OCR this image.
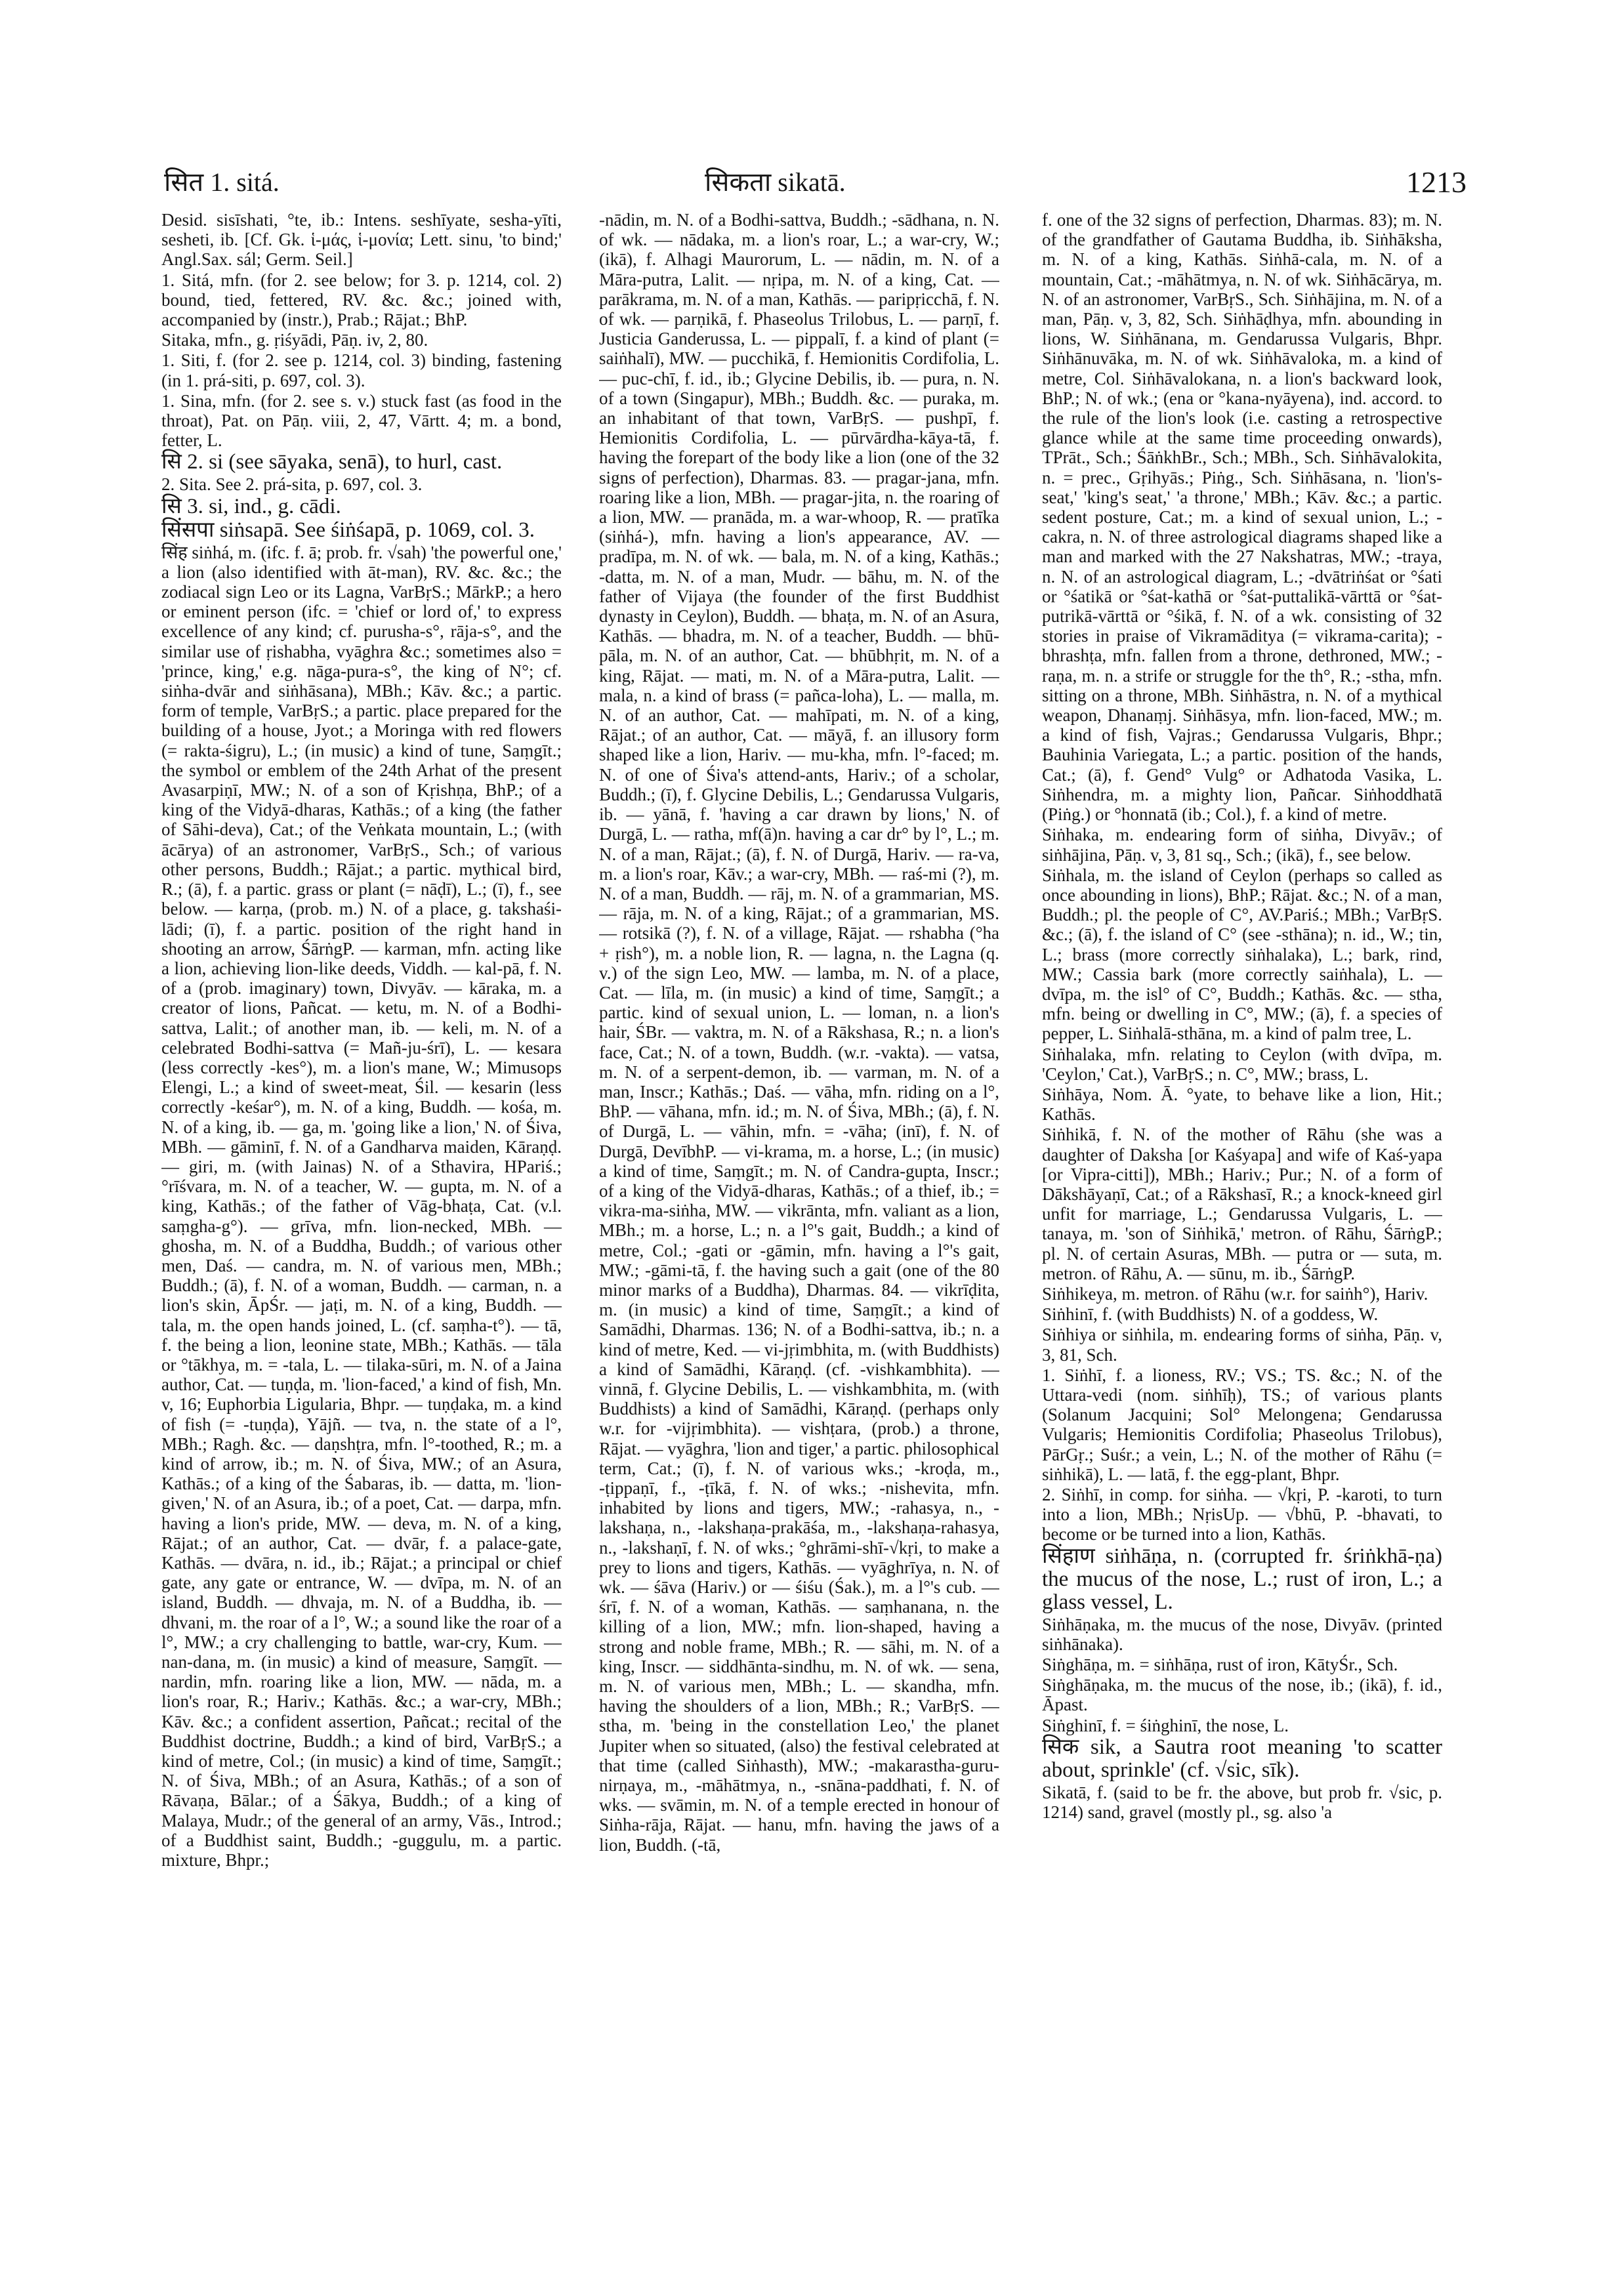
सित 1. sitá.	सिकता sikatā.	1213

Desid. sisīshati, °te, ib.: Intens. seshīyate, sesha-yīti, sesheti, ib. [Cf. Gk. ἱ-μάς, ἱ-μονία; Lett. sinu, 'to bind;' Angl.Sax. sál; Germ. Seil.]

1. Sitá, mfn. (for 2. see below; for 3. p. 1214, col. 2) bound, tied, fettered, RV. &c. &c.; joined with, accompanied by (instr.), Prab.; Rājat.; BhP.

Sitaka, mfn., g. ṛiśyādi, Pāṇ. iv, 2, 80.

1. Siti, f. (for 2. see p. 1214, col. 3) binding, fastening (in 1. prá-siti, p. 697, col. 3).

1. Sina, mfn. (for 2. see s. v.) stuck fast (as food in the throat), Pat. on Pāṇ. viii, 2, 47, Vārtt. 4; m. a bond, fetter, L.

सि 2. si (see sāyaka, senā), to hurl, cast.

2. Sita. See 2. prá-sita, p. 697, col. 3.

सि 3. si, ind., g. cādi.

सिंसपा siṅsapā. See śiṅśapā, p. 1069, col. 3.

सिंह siṅhá, m. (ifc. f. ā; prob. fr. √sah) 'the powerful one,' a lion (also identified with āt-man), RV. &c. &c.; the zodiacal sign Leo or its Lagna, VarBṛS.; MārkP.; a hero or eminent person (ifc. = 'chief or lord of,' to express excellence of any kind; cf. purusha-s°, rāja-s°, and the similar use of ṛishabha, vyāghra &c.; sometimes also = 'prince, king,' e.g. nāga-pura-s°, the king of N°; cf. siṅha-dvār and siṅhāsana), MBh.; Kāv. &c.; a partic. form of temple, VarBṛS.; a partic. place prepared for the building of a house, Jyot.; a Moringa with red flowers (= rakta-śigru), L.; (in music) a kind of tune, Saṃgīt.; the symbol or emblem of the 24th Arhat of the present Avasarpiṇī, MW.; N. of a son of Kṛishṇa, BhP.; of a king of the Vidyā-dharas, Kathās.; of a king (the father of Sāhi-deva), Cat.; of the Veṅkata mountain, L.; (with ācārya) of an astronomer, VarBṛS., Sch.; of various other persons, Buddh.; Rājat.; a partic. mythical bird, R.; (ā), f. a partic. grass or plant (= nāḍī), L.; (ī), f., see below. — karṇa, (prob. m.) N. of a place, g. takshaśi-lādi; (ī), f. a partic. position of the right hand in shooting an arrow, ŚārṅgP. — karman, mfn. acting like a lion, achieving lion-like deeds, Viddh. — kal-pā, f. N. of a (prob. imaginary) town, Divyāv. — kāraka, m. a creator of lions, Pañcat. — ketu, m. N. of a Bodhi-sattva, Lalit.; of another man, ib. — keli, m. N. of a celebrated Bodhi-sattva (= Mañ-ju-śrī), L. — kesara (less correctly -kes°), m. a lion's mane, W.; Mimusops Elengi, L.; a kind of sweet-meat, Śil. — kesarin (less correctly -keśar°), m. N. of a king, Buddh. — kośa, m. N. of a king, ib. — ga, m. 'going like a lion,' N. of Śiva, MBh. — gāminī, f. N. of a Gandharva maiden, Kāraṇḍ. — giri, m. (with Jainas) N. of a Sthavira, HPariś.; °rīśvara, m. N. of a teacher, W. — gupta, m. N. of a king, Kathās.; of the father of Vāg-bhaṭa, Cat. (v.l. saṃgha-g°). — grīva, mfn. lion-necked, MBh. — ghosha, m. N. of a Buddha, Buddh.; of various other men, Daś. — candra, m. N. of various men, MBh.; Buddh.; (ā), f. N. of a woman, Buddh. — carman, n. a lion's skin, ĀpŚr. — jaṭi, m. N. of a king, Buddh. — tala, m. the open hands joined, L. (cf. saṃha-t°). — tā, f. the being a lion, leonine state, MBh.; Kathās. — tāla or °tākhya, m. = -tala, L. — tilaka-sūri, m. N. of a Jaina author, Cat. — tuṇḍa, m. 'lion-faced,' a kind of fish, Mn. v, 16; Euphorbia Ligularia, Bhpr. — tuṇḍaka, m. a kind of fish (= -tuṇḍa), Yājñ. — tva, n. the state of a l°, MBh.; Ragh. &c. — daṇshṭra, mfn. l°-toothed, R.; m. a kind of arrow, ib.; m. N. of Śiva, MW.; of an Asura, Kathās.; of a king of the Śabaras, ib. — datta, m. 'lion-given,' N. of an Asura, ib.; of a poet, Cat. — darpa, mfn. having a lion's pride, MW. — deva, m. N. of a king, Rājat.; of an author, Cat. — dvār, f. a palace-gate, Kathās. — dvāra, n. id., ib.; Rājat.; a principal or chief gate, any gate or entrance, W. — dvīpa, m. N. of an island, Buddh. — dhvaja, m. N. of a Buddha, ib. — dhvani, m. the roar of a l°, W.; a sound like the roar of a l°, MW.; a cry challenging to battle, war-cry, Kum. — nan-dana, m. (in music) a kind of measure, Saṃgīt. — nardin, mfn. roaring like a lion, MW. — nāda, m. a lion's roar, R.; Hariv.; Kathās. &c.; a war-cry, MBh.; Kāv. &c.; a confident assertion, Pañcat.; recital of the Buddhist doctrine, Buddh.; a kind of bird, VarBṛS.; a kind of metre, Col.; (in music) a kind of time, Saṃgīt.; N. of Śiva, MBh.; of an Asura, Kathās.; of a son of Rāvaṇa, Bālar.; of a Śākya, Buddh.; of a king of Malaya, Mudr.; of the general of an army, Vās., Introd.; of a Buddhist saint, Buddh.; -guggulu, m. a partic. mixture, Bhpr.;

-nādin, m. N. of a Bodhi-sattva, Buddh.; -sādhana, n. N. of wk. — nādaka, m. a lion's roar, L.; a war-cry, W.; (ikā), f. Alhagi Maurorum, L. — nādin, m. N. of a Māra-putra, Lalit. — nṛipa, m. N. of a king, Cat. — parākrama, m. N. of a man, Kathās. — paripṛicchā, f. N. of wk. — parṇikā, f. Phaseolus Trilobus, L. — parṇī, f. Justicia Ganderussa, L. — pippalī, f. a kind of plant (= saiṅhalī), MW. — pucchikā, f. Hemionitis Cordifolia, L. — puc-chī, f. id., ib.; Glycine Debilis, ib. — pura, n. N. of a town (Singapur), MBh.; Buddh. &c. — puraka, m. an inhabitant of that town, VarBṛS. — pushpī, f. Hemionitis Cordifolia, L. — pūrvārdha-kāya-tā, f. having the forepart of the body like a lion (one of the 32 signs of perfection), Dharmas. 83. — pragar-jana, mfn. roaring like a lion, MBh. — pragar-jita, n. the roaring of a lion, MW. — pranāda, m. a war-whoop, R. — pratīka (siṅhá-), mfn. having a lion's appearance, AV. — pradīpa, m. N. of wk. — bala, m. N. of a king, Kathās.; -datta, m. N. of a man, Mudr. — bāhu, m. N. of the father of Vijaya (the founder of the first Buddhist dynasty in Ceylon), Buddh. — bhaṭa, m. N. of an Asura, Kathās. — bhadra, m. N. of a teacher, Buddh. — bhū-pāla, m. N. of an author, Cat. — bhūbhṛit, m. N. of a king, Rājat. — mati, m. N. of a Māra-putra, Lalit. — mala, n. a kind of brass (= pañca-loha), L. — malla, m. N. of an author, Cat. — mahīpati, m. N. of a king, Rājat.; of an author, Cat. — māyā, f. an illusory form shaped like a lion, Hariv. — mu-kha, mfn. l°-faced; m. N. of one of Śiva's attend-ants, Hariv.; of a scholar, Buddh.; (ī), f. Glycine Debilis, L.; Gendarussa Vulgaris, ib. — yānā, f. 'having a car drawn by lions,' N. of Durgā, L. — ratha, mf(ā)n. having a car dr° by l°, L.; m. N. of a man, Rājat.; (ā), f. N. of Durgā, Hariv. — ra-va, m. a lion's roar, Kāv.; a war-cry, MBh. — raś-mi (?), m. N. of a man, Buddh. — rāj, m. N. of a grammarian, MS. — rāja, m. N. of a king, Rājat.; of a grammarian, MS. — rotsikā (?), f. N. of a village, Rājat. — rshabha (°ha + ṛish°), m. a noble lion, R. — lagna, n. the Lagna (q. v.) of the sign Leo, MW. — lamba, m. N. of a place, Cat. — līla, m. (in music) a kind of time, Saṃgīt.; a partic. kind of sexual union, L. — loman, n. a lion's hair, ŚBr. — vaktra, m. N. of a Rākshasa, R.; n. a lion's face, Cat.; N. of a town, Buddh. (w.r. -vakta). — vatsa, m. N. of a serpent-demon, ib. — varman, m. N. of a man, Inscr.; Kathās.; Daś. — vāha, mfn. riding on a l°, BhP. — vāhana, mfn. id.; m. N. of Śiva, MBh.; (ā), f. N. of Durgā, L. — vāhin, mfn. = -vāha; (inī), f. N. of Durgā, DevībhP. — vi-krama, m. a horse, L.; (in music) a kind of time, Saṃgīt.; m. N. of Candra-gupta, Inscr.; of a king of the Vidyā-dharas, Kathās.; of a thief, ib.; = vikra-ma-siṅha, MW. — vikrānta, mfn. valiant as a lion, MBh.; m. a horse, L.; n. a l°'s gait, Buddh.; a kind of metre, Col.; -gati or -gāmin, mfn. having a l°'s gait, MW.; -gāmi-tā, f. the having such a gait (one of the 80 minor marks of a Buddha), Dharmas. 84. — vikrīḍita, m. (in music) a kind of time, Saṃgīt.; a kind of Samādhi, Dharmas. 136; N. of a Bodhi-sattva, ib.; n. a kind of metre, Ked. — vi-jṛimbhita, m. (with Buddhists) a kind of Samādhi, Kāraṇḍ. (cf. -vishkambhita). — vinnā, f. Glycine Debilis, L. — vishkambhita, m. (with Buddhists) a kind of Samādhi, Kāraṇḍ. (perhaps only w.r. for -vijṛimbhita). — vishṭara, (prob.) a throne, Rājat. — vyāghra, 'lion and tiger,' a partic. philosophical term, Cat.; (ī), f. N. of various wks.; -kroḍa, m., -ṭippaṇī, f., -ṭīkā, f. N. of wks.; -nishevita, mfn. inhabited by lions and tigers, MW.; -rahasya, n., -lakshaṇa, n., -lakshaṇa-prakāśa, m., -lakshaṇa-rahasya, n., -lakshaṇī, f. N. of wks.; °ghrāmi-shī-√kṛi, to make a prey to lions and tigers, Kathās. — vyāghrīya, n. N. of wk. — śāva (Hariv.) or — śiśu (Śak.), m. a l°'s cub. — śrī, f. N. of a woman, Kathās. — saṃhanana, n. the killing of a lion, MW.; mfn. lion-shaped, having a strong and noble frame, MBh.; R. — sāhi, m. N. of a king, Inscr. — siddhānta-sindhu, m. N. of wk. — sena, m. N. of various men, MBh.; L. — skandha, mfn. having the shoulders of a lion, MBh.; R.; VarBṛS. — stha, m. 'being in the constellation Leo,' the planet Jupiter when so situated, (also) the festival celebrated at that time (called Siṅhasth), MW.; -makarastha-guru-nirṇaya, m., -māhātmya, n., -snāna-paddhati, f. N. of wks. — svāmin, m. N. of a temple erected in honour of Siṅha-rāja, Rājat. — hanu, mfn. having the jaws of a lion, Buddh. (-tā,

f. one of the 32 signs of perfection, Dharmas. 83); m. N. of the grandfather of Gautama Buddha, ib. Siṅhāksha, m. N. of a king, Kathās. Siṅhā-cala, m. N. of a mountain, Cat.; -māhātmya, n. N. of wk. Siṅhācārya, m. N. of an astronomer, VarBṛS., Sch. Siṅhājina, m. N. of a man, Pāṇ. v, 3, 82, Sch. Siṅhāḍhya, mfn. abounding in lions, W. Siṅhānana, m. Gendarussa Vulgaris, Bhpr. Siṅhānuvāka, m. N. of wk. Siṅhāvaloka, m. a kind of metre, Col. Siṅhāvalokana, n. a lion's backward look, BhP.; N. of wk.; (ena or °kana-nyāyena), ind. accord. to the rule of the lion's look (i.e. casting a retrospective glance while at the same time proceeding onwards), TPrāt., Sch.; ŚāṅkhBr., Sch.; MBh., Sch. Siṅhāvalokita, n. = prec., Gṛihyās.; Piṅg., Sch. Siṅhāsana, n. 'lion's-seat,' 'king's seat,' 'a throne,' MBh.; Kāv. &c.; a partic. sedent posture, Cat.; m. a kind of sexual union, L.; -cakra, n. N. of three astrological diagrams shaped like a man and marked with the 27 Nakshatras, MW.; -traya, n. N. of an astrological diagram, L.; -dvātriṅśat or °śati or °śatikā or °śat-kathā or °śat-puttalikā-vārttā or °śat-putrikā-vārttā or °śikā, f. N. of a wk. consisting of 32 stories in praise of Vikramāditya (= vikrama-carita); -bhrashṭa, mfn. fallen from a throne, dethroned, MW.; -raṇa, m. n. a strife or struggle for the th°, R.; -stha, mfn. sitting on a throne, MBh. Siṅhāstra, n. N. of a mythical weapon, Dhanaṃj. Siṅhāsya, mfn. lion-faced, MW.; m. a kind of fish, Vajras.; Gendarussa Vulgaris, Bhpr.; Bauhinia Variegata, L.; a partic. position of the hands, Cat.; (ā), f. Gend° Vulg° or Adhatoda Vasika, L. Siṅhendra, m. a mighty lion, Pañcar. Siṅhoddhatā (Piṅg.) or °honnatā (ib.; Col.), f. a kind of metre.

Siṅhaka, m. endearing form of siṅha, Divyāv.; of siṅhājina, Pāṇ. v, 3, 81 sq., Sch.; (ikā), f., see below.

Siṅhala, m. the island of Ceylon (perhaps so called as once abounding in lions), BhP.; Rājat. &c.; N. of a man, Buddh.; pl. the people of C°, AV.Pariś.; MBh.; VarBṛS. &c.; (ā), f. the island of C° (see -sthāna); n. id., W.; tin, L.; brass (more correctly siṅhalaka), L.; bark, rind, MW.; Cassia bark (more correctly saiṅhala), L. — dvīpa, m. the isl° of C°, Buddh.; Kathās. &c. — stha, mfn. being or dwelling in C°, MW.; (ā), f. a species of pepper, L. Siṅhalā-sthāna, m. a kind of palm tree, L.

Siṅhalaka, mfn. relating to Ceylon (with dvīpa, m. 'Ceylon,' Cat.), VarBṛS.; n. C°, MW.; brass, L.

Siṅhāya, Nom. Ā. °yate, to behave like a lion, Hit.; Kathās.

Siṅhikā, f. N. of the mother of Rāhu (she was a daughter of Daksha [or Kaśyapa] and wife of Kaś-yapa [or Vipra-citti]), MBh.; Hariv.; Pur.; N. of a form of Dākshāyaṇī, Cat.; of a Rākshasī, R.; a knock-kneed girl unfit for marriage, L.; Gendarussa Vulgaris, L. — tanaya, m. 'son of Siṅhikā,' metron. of Rāhu, ŚārṅgP.; pl. N. of certain Asuras, MBh. — putra or — suta, m. metron. of Rāhu, A. — sūnu, m. ib., ŚārṅgP.

Siṅhikeya, m. metron. of Rāhu (w.r. for saiṅh°), Hariv.

Siṅhinī, f. (with Buddhists) N. of a goddess, W.

Siṅhiya or siṅhila, m. endearing forms of siṅha, Pāṇ. v, 3, 81, Sch.

1. Siṅhī, f. a lioness, RV.; VS.; TS. &c.; N. of the Uttara-vedi (nom. siṅhīḥ), TS.; of various plants (Solanum Jacquini; Sol° Melongena; Gendarussa Vulgaris; Hemionitis Cordifolia; Phaseolus Trilobus), PārGṛ.; Suśr.; a vein, L.; N. of the mother of Rāhu (= siṅhikā), L. — latā, f. the egg-plant, Bhpr.

2. Siṅhī, in comp. for siṅha. — √kṛi, P. -karoti, to turn into a lion, MBh.; NṛisUp. — √bhū, P. -bhavati, to become or be turned into a lion, Kathās.

सिंहाण siṅhāṇa, n. (corrupted fr. śriṅkhā-ṇa) the mucus of the nose, L.; rust of iron, L.; a glass vessel, L.

Siṅhāṇaka, m. the mucus of the nose, Divyāv. (printed siṅhānaka).

Siṅghāṇa, m. = siṅhāṇa, rust of iron, KātyŚr., Sch.

Siṅghāṇaka, m. the mucus of the nose, ib.; (ikā), f. id., Āpast.

Siṅghinī, f. = śiṅghinī, the nose, L.

सिक sik, a Sautra root meaning 'to scatter about, sprinkle' (cf. √sic, sīk).

Sikatā, f. (said to be fr. the above, but prob fr. √sic, p. 1214) sand, gravel (mostly pl., sg. also 'a
